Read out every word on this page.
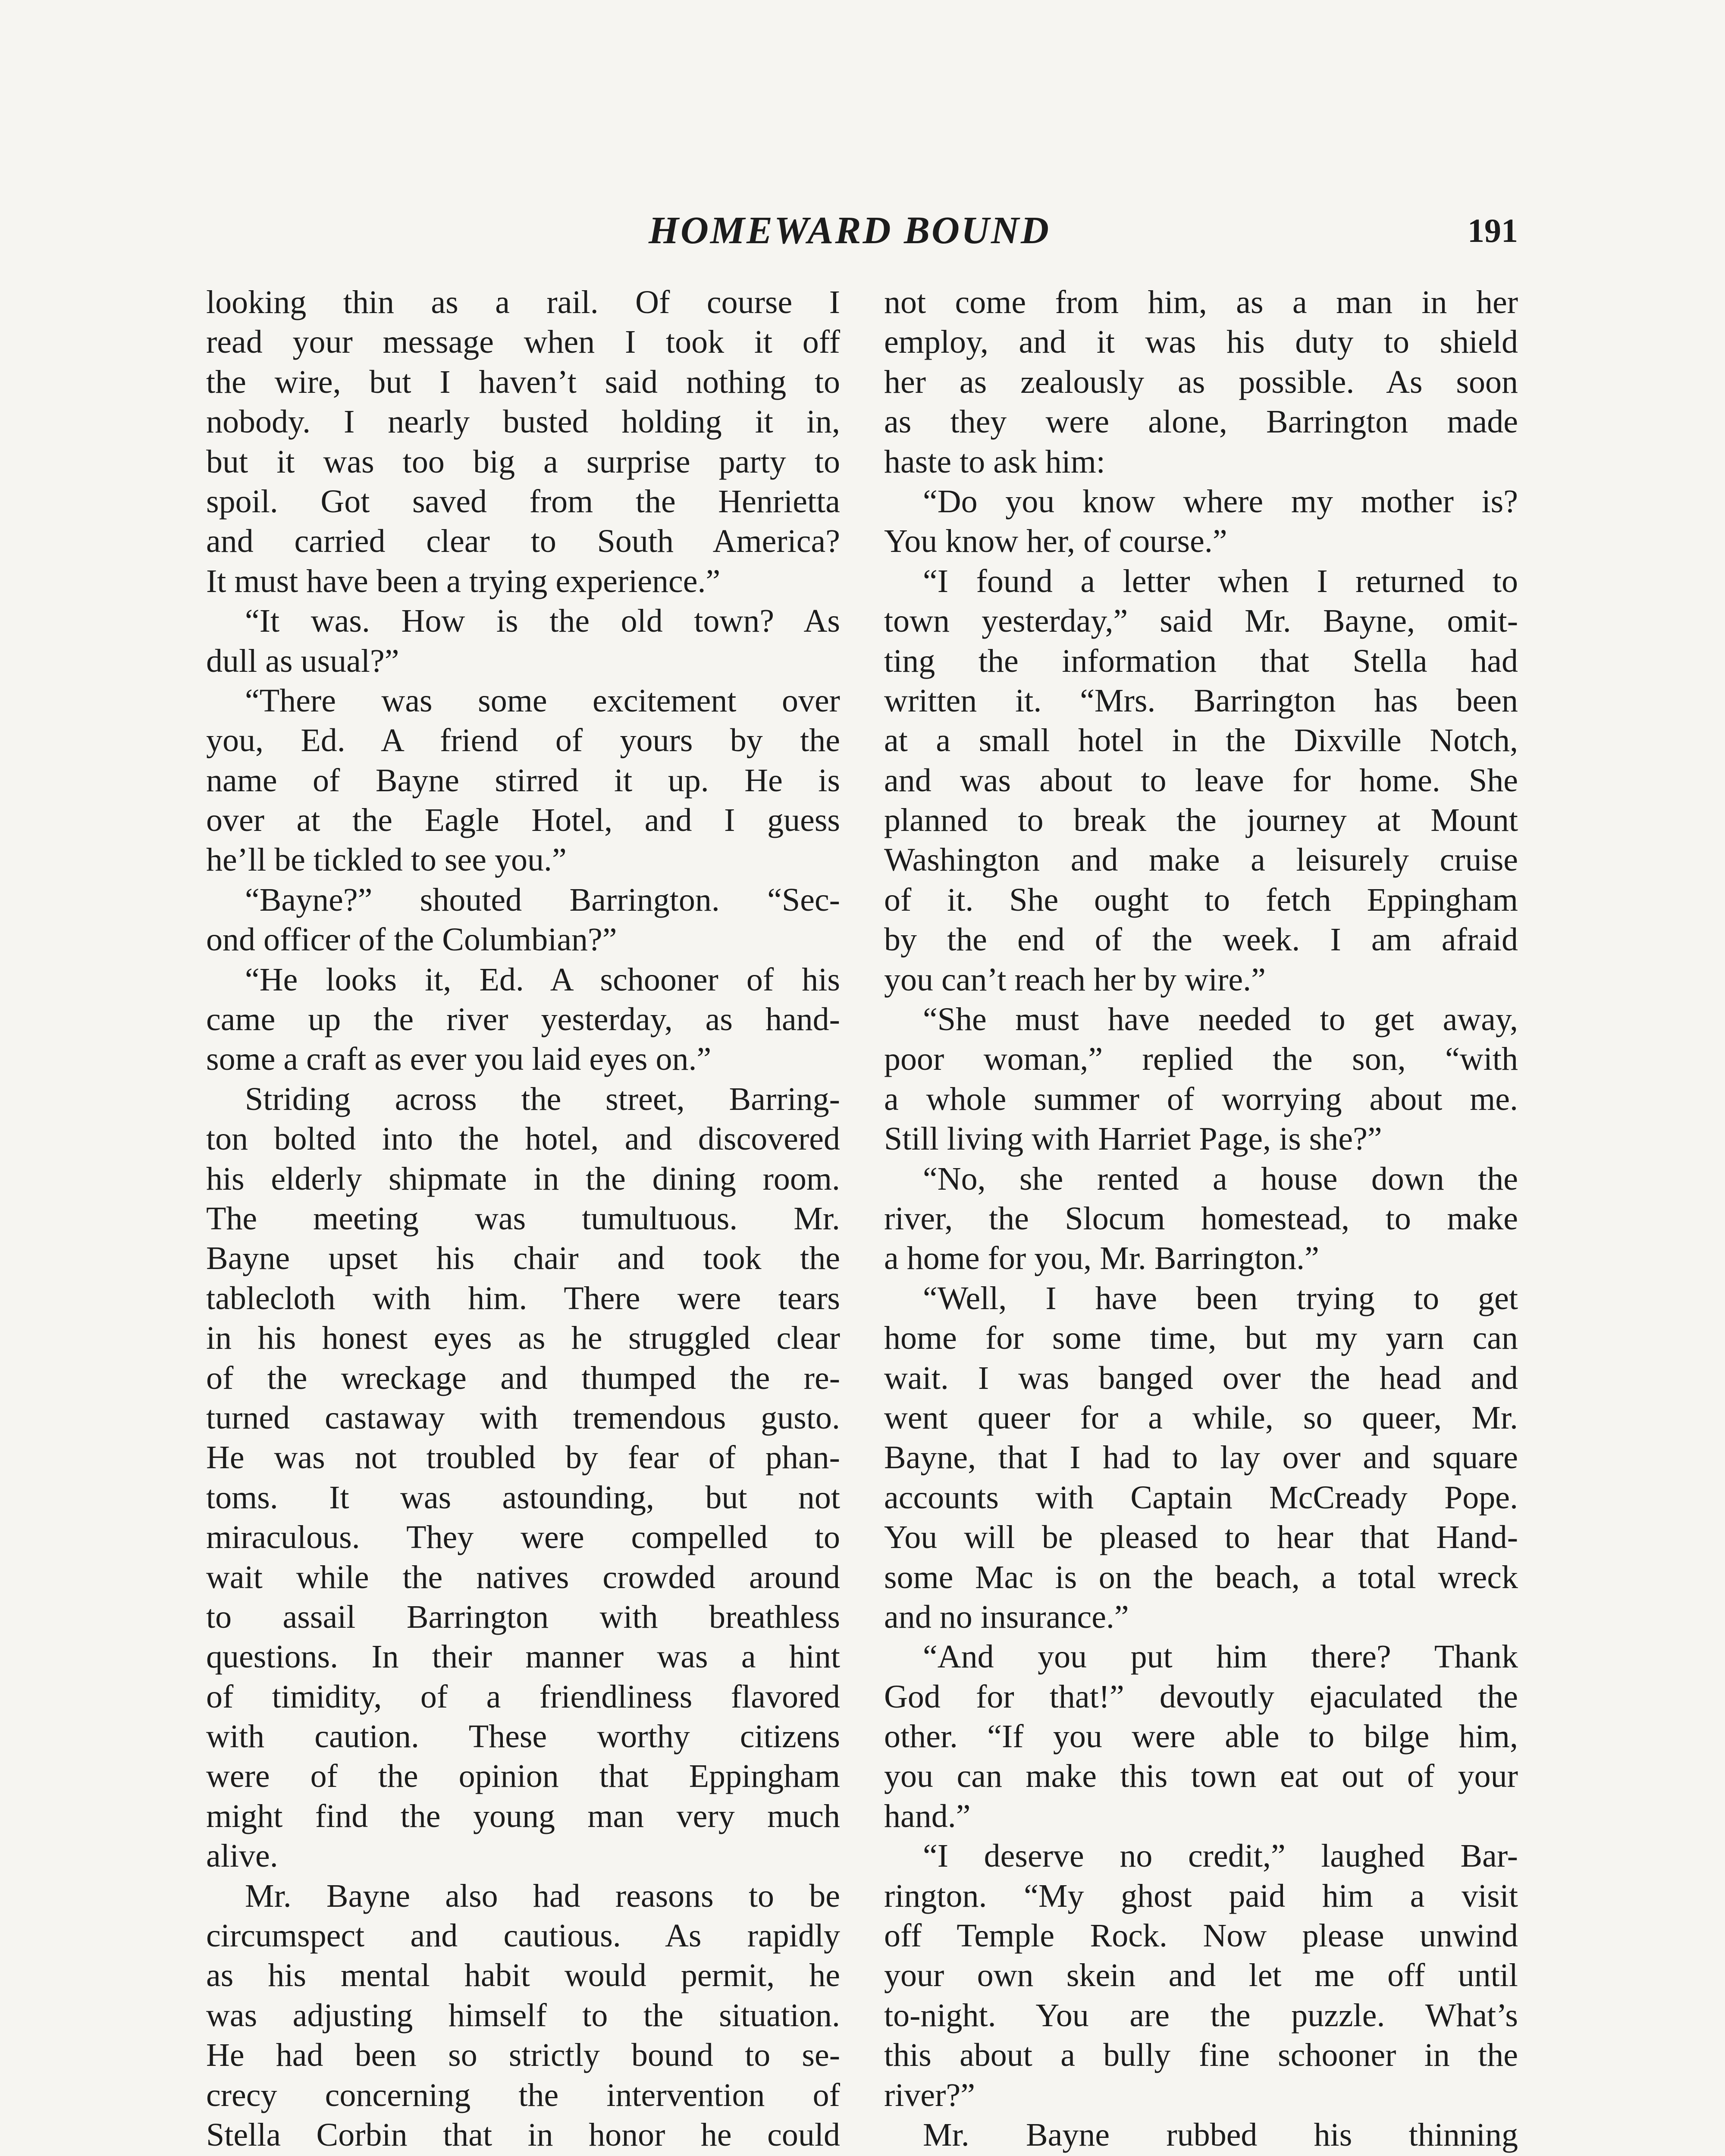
HOMEWARD BOUND	191
looking thin as a rail. Of course I
read your message when I took it off
the wire, but I haven’t said nothing to
nobody. I nearly busted holding it in,
but it was too big a surprise party to
spoil. Got saved from the Henrietta
and carried clear to South America?
It must have been a trying experience.”
“It was. How is the old town? As
dull as usual?”
“There was some excitement over
you, Ed. A friend of yours by the
name of Bayne stirred it up. He is
over at the Eagle Hotel, and I guess
he’ll be tickled to see you.”
“Bayne?” shouted Barrington. “Sec-
ond officer of the Columbian?”
“He looks it, Ed. A schooner of his
came up the river yesterday, as hand-
some a craft as ever you laid eyes on.”
Striding across the street, Barring-
ton bolted into the hotel, and discovered
his elderly shipmate in the dining room.
The meeting was tumultuous. Mr.
Bayne upset his chair and took the
tablecloth with him. There were tears
in his honest eyes as he struggled clear
of the wreckage and thumped the re-
turned castaway with tremendous gusto.
He was not troubled by fear of phan-
toms. It was astounding, but not
miraculous. They were compelled to
wait while the natives crowded around
to assail Barrington with breathless
questions. In their manner was a hint
of timidity, of a friendliness flavored
with caution. These worthy citizens
were of the opinion that Eppingham
might find the young man very much
alive.
Mr. Bayne also had reasons to be
circumspect and cautious. As rapidly
as his mental habit would permit, he
was adjusting himself to the situation.
He had been so strictly bound to se-
crecy concerning the intervention of
Stella Corbin that in honor he could
not come from him, as a man in her
employ, and it was his duty to shield
her as zealously as possible. As soon
as they were alone, Barrington made
haste to ask him:
“Do you know where my mother is?
You know her, of course.”
“I found a letter when I returned to
town yesterday,” said Mr. Bayne, omit-
ting the information that Stella had
written it. “Mrs. Barrington has been
at a small hotel in the Dixville Notch,
and was about to leave for home. She
planned to break the journey at Mount
Washington and make a leisurely cruise
of it. She ought to fetch Eppingham
by the end of the week. I am afraid
you can’t reach her by wire.”
“She must have needed to get away,
poor woman,” replied the son, “with
a whole summer of worrying about me.
Still living with Harriet Page, is she?”
“No, she rented a house down the
river, the Slocum homestead, to make
a home for you, Mr. Barrington.”
“Well, I have been trying to get
home for some time, but my yarn can
wait. I was banged over the head and
went queer for a while, so queer, Mr.
Bayne, that I had to lay over and square
accounts with Captain McCready Pope.
You will be pleased to hear that Hand-
some Mac is on the beach, a total wreck
and no insurance.”
“And you put him there? Thank
God for that!” devoutly ejaculated the
other. “If you were able to bilge him,
you can make this town eat out of your
hand.”
“I deserve no credit,” laughed Bar-
rington. “My ghost paid him a visit
off Temple Rock. Now please unwind
your own skein and let me off until
to-night. You are the puzzle. What’s
this about a bully fine schooner in the
river?”
Mr. Bayne rubbed his thinning
